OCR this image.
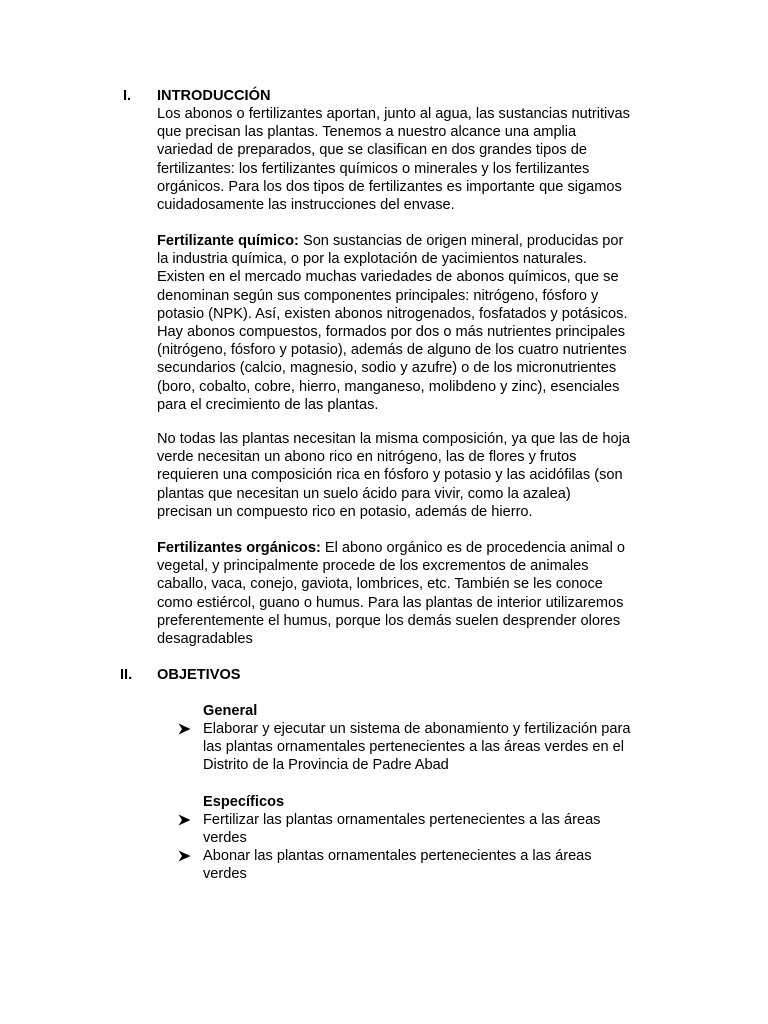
I. INTRODUCCIÓN
Los abonos o fertilizantes aportan, junto al agua, las sustancias nutritivas
que precisan las plantas. Tenemos a nuestro alcance una amplia
variedad de preparados, que se clasifican en dos grandes tipos de
fertilizantes: los fertilizantes químicos o minerales y los fertilizantes
orgánicos. Para los dos tipos de fertilizantes es importante que sigamos
cuidadosamente las instrucciones del envase.
Fertilizante químico: Son sustancias de origen mineral, producidas por
la industria química, o por la explotación de yacimientos naturales.
Existen en el mercado muchas variedades de abonos químicos, que se
denominan según sus componentes principales: nitrógeno, fósforo y
potasio (NPK). Así, existen abonos nitrogenados, fosfatados y potásicos.
Hay abonos compuestos, formados por dos o más nutrientes principales
(nitrógeno, fósforo y potasio), además de alguno de los cuatro nutrientes
secundarios (calcio, magnesio, sodio y azufre) o de los micronutrientes
(boro, cobalto, cobre, hierro, manganeso, molibdeno y zinc), esenciales
para el crecimiento de las plantas.
No todas las plantas necesitan la misma composición, ya que las de hoja
verde necesitan un abono rico en nitrógeno, las de flores y frutos
requieren una composición rica en fósforo y potasio y las acidófilas (son
plantas que necesitan un suelo ácido para vivir, como la azalea)
precisan un compuesto rico en potasio, además de hierro.
Fertilizantes orgánicos: El abono orgánico es de procedencia animal o
vegetal, y principalmente procede de los excrementos de animales
caballo, vaca, conejo, gaviota, lombrices, etc. También se les conoce
como estiércol, guano o humus. Para las plantas de interior utilizaremos
preferentemente el humus, porque los demás suelen desprender olores
desagradables
II. OBJETIVOS
General
Elaborar y ejecutar un sistema de abonamiento y fertilización para
las plantas ornamentales pertenecientes a las áreas verdes en el
Distrito de la Provincia de Padre Abad
Específicos
Fertilizar las plantas ornamentales pertenecientes a las áreas
verdes
Abonar las plantas ornamentales pertenecientes a las áreas
verdes
